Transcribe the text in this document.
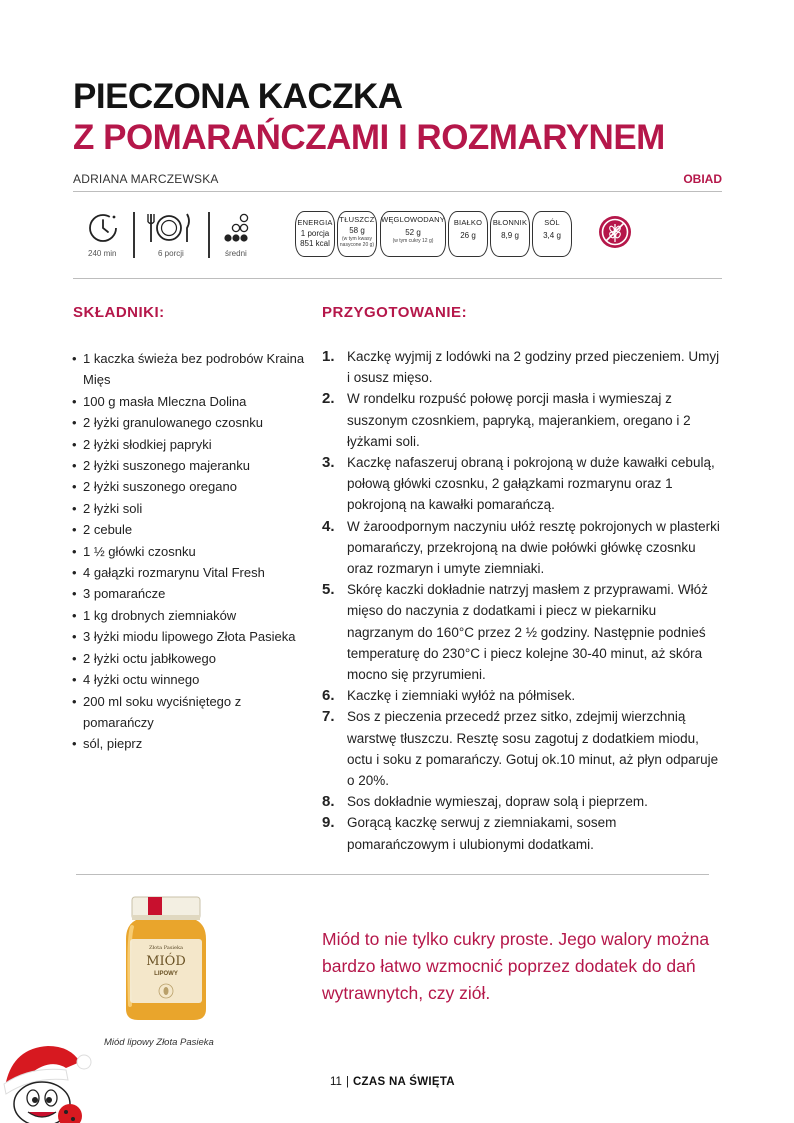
PIECZONA KACZKA
Z POMARAŃCZAMI I ROZMARYNEM
ADRIANA MARCZEWSKA	OBIAD
240 min	6 porcji	średni
ENERGIA
1 porcja
851 kcal
TŁUSZCZ
58 g
(w tym kwasy nasycone 20 g)
WĘGLOWODANY
52 g
(w tym cukry 12 g)
BIAŁKO
26 g
BŁONNIK
8,9 g
SÓL
3,4 g
SKŁADNIKI:	PRZYGOTOWANIE:
• 1 kaczka świeża bez podrobów Kraina Mięs
• 100 g masła Mleczna Dolina
• 2 łyżki granulowanego czosnku
• 2 łyżki słodkiej papryki
• 2 łyżki suszonego majeranku
• 2 łyżki suszonego oregano
• 2 łyżki soli
• 2 cebule
• 1 ½ główki czosnku
• 4 gałązki rozmarynu Vital Fresh
• 3 pomarańcze
• 1 kg drobnych ziemniaków
• 3 łyżki miodu lipowego Złota Pasieka
• 2 łyżki octu jabłkowego
• 4 łyżki octu winnego
• 200 ml soku wyciśniętego z pomarańczy
• sól, pieprz
1. Kaczkę wyjmij z lodówki na 2 godziny przed pieczeniem. Umyj i osusz mięso.
2. W rondelku rozpuść połowę porcji masła i wymieszaj z suszonym czosnkiem, papryką, majerankiem, oregano i 2 łyżkami soli.
3. Kaczkę nafaszeruj obraną i pokrojoną w duże kawałki cebulą, połową główki czosnku, 2 gałązkami rozmarynu oraz 1 pokrojoną na kawałki pomarańczą.
4. W żaroodpornym naczyniu ułóż resztę pokrojonych w plasterki pomarańczy, przekrojoną na dwie połówki główkę czosnku oraz rozmaryn i umyte ziemniaki.
5. Skórę kaczki dokładnie natrzyj masłem z przyprawami. Włóż mięso do naczynia z dodatkami i piecz w piekarniku nagrzanym do 160°C przez 2 ½ godziny. Następnie podnieś temperaturę do 230°C i piecz kolejne 30-40 minut, aż skóra mocno się przyrumieni.
6. Kaczkę i ziemniaki wyłóż na półmisek.
7. Sos z pieczenia przecedź przez sitko, zdejmij wierzchnią warstwę tłuszczu. Resztę sosu zagotuj z dodatkiem miodu, octu i soku z pomarańczy. Gotuj ok.10 minut, aż płyn odparuje o 20%.
8. Sos dokładnie wymieszaj, dopraw solą i pieprzem.
9. Gorącą kaczkę serwuj z ziemniakami, sosem pomarańczowym i ulubionymi dodatkami.
Złota Pasieka
MIÓD
LIPOWY
Miód lipowy Złota Pasieka
Miód to nie tylko cukry proste. Jego walory można bardzo łatwo wzmocnić poprzez dodatek do dań wytrawnytch, czy ziół.
11 | CZAS NA ŚWIĘTA
